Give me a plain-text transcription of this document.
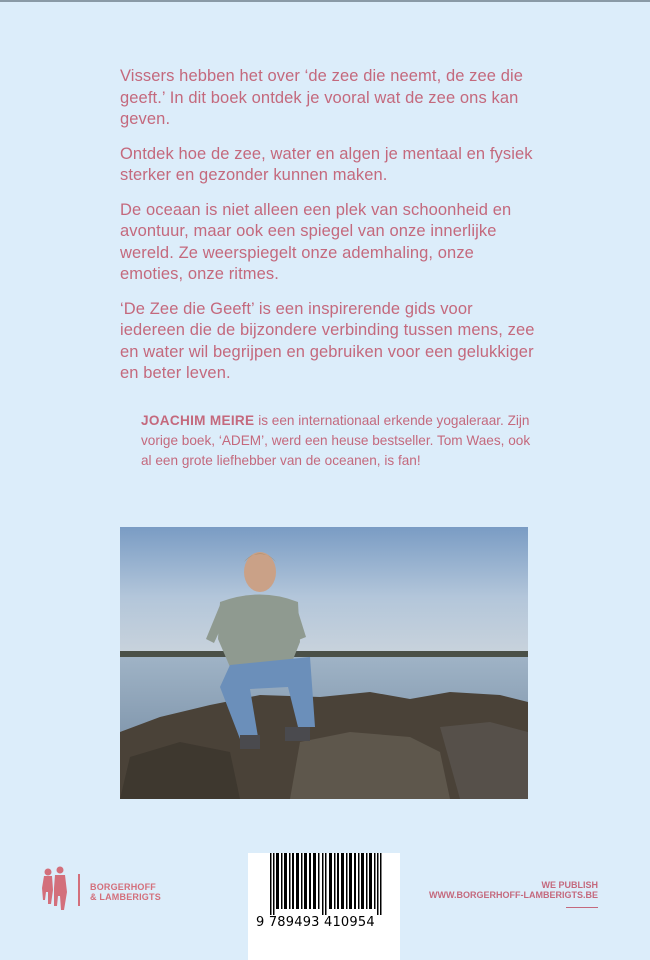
Vissers hebben het over ‘de zee die neemt, de zee die geeft.’ In dit boek ontdek je vooral wat de zee ons kan geven.

Ontdek hoe de zee, water en algen je mentaal en fysiek sterker en gezonder kunnen maken.

De oceaan is niet alleen een plek van schoonheid en avontuur, maar ook een spiegel van onze innerlijke wereld. Ze weerspiegelt onze ademhaling, onze emoties, onze ritmes.

‘De Zee die Geeft’ is een inspirerende gids voor iedereen die de bijzondere verbinding tussen mens, zee en water wil begrijpen en gebruiken voor een gelukkiger en beter leven.

JOACHIM MEIRE is een internationaal erkende yogaleraar. Zijn vorige boek, ‘ADEM’, werd een heuse bestseller. Tom Waes, ook al een grote liefhebber van de oceanen, is fan!
BORGERHOFF
& LAMBERIGTS
9 789493 410954
WE PUBLISH
WWW.BORGERHOFF-LAMBERIGTS.BE
